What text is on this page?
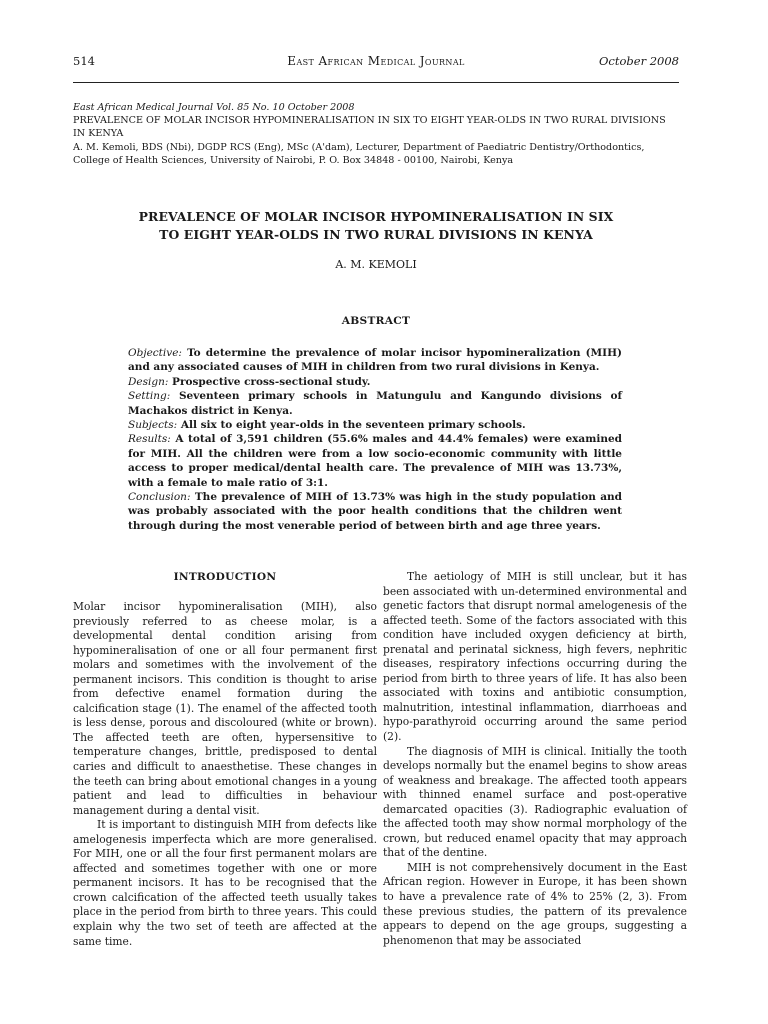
514	East African Medical Journal	October 2008
East African Medical Journal Vol. 85 No. 10 October 2008
PREVALENCE OF MOLAR INCISOR HYPOMINERALISATION IN SIX TO EIGHT YEAR-OLDS IN TWO RURAL DIVISIONS IN KENYA
A. M. Kemoli, BDS (Nbi), DGDP RCS (Eng), MSc (A'dam), Lecturer, Department of Paediatric Dentistry/Orthodontics, College of Health Sciences, University of Nairobi, P. O. Box 34848 - 00100, Nairobi, Kenya
PREVALENCE OF MOLAR INCISOR HYPOMINERALISATION IN SIX
TO EIGHT YEAR-OLDS IN TWO RURAL DIVISIONS IN KENYA
A. M. KEMOLI
ABSTRACT

Objective: To determine the prevalence of molar incisor hypomineralization (MIH) and any associated causes of MIH in children from two rural divisions in Kenya.

Design: Prospective cross-sectional study.

Setting: Seventeen primary schools in Matungulu and Kangundo divisions of Machakos district in Kenya.

Subjects: All six to eight year-olds in the seventeen primary schools.

Results: A total of 3,591 children (55.6% males and 44.4% females) were examined for MIH. All the children were from a low socio-economic community with little access to proper medical/dental health care. The prevalence of MIH was 13.73%, with a female to male ratio of 3:1.

Conclusion: The prevalence of MIH of 13.73% was high in the study population and was probably associated with the poor health conditions that the children went through during the most venerable period of between birth and age three years.

INTRODUCTION

Molar incisor hypomineralisation (MIH), also previously referred to as cheese molar, is a developmental dental condition arising from hypomineralisation of one or all four permanent first molars and sometimes with the involvement of the permanent incisors. This condition is thought to arise from defective enamel formation during the calcification stage (1). The enamel of the affected tooth is less dense, porous and discoloured (white or brown). The affected teeth are often, hypersensitive to temperature changes, brittle, predisposed to dental caries and difficult to anaesthetise. These changes in the teeth can bring about emotional changes in a young patient and lead to difficulties in behaviour management during a dental visit.

It is important to distinguish MIH from defects like amelogenesis imperfecta which are more generalised. For MIH, one or all the four first permanent molars are affected and sometimes together with one or more permanent incisors. It has to be recognised that the crown calcification of the affected teeth usually takes place in the period from birth to three years. This could explain why the two set of teeth are affected at the same time.

The aetiology of MIH is still unclear, but it has been associated with un-determined environmental and genetic factors that disrupt normal amelogenesis of the affected teeth. Some of the factors associated with this condition have included oxygen deficiency at birth, prenatal and perinatal sickness, high fevers, nephritic diseases, respiratory infections occurring during the period from birth to three years of life. It has also been associated with toxins and antibiotic consumption, malnutrition, intestinal inflammation, diarrhoeas and hypo-parathyroid occurring around the same period (2).

The diagnosis of MIH is clinical. Initially the tooth develops normally but the enamel begins to show areas of weakness and breakage. The affected tooth appears with thinned enamel surface and post-operative demarcated opacities (3). Radiographic evaluation of the affected tooth may show normal morphology of the crown, but reduced enamel opacity that may approach that of the dentine.

MIH is not comprehensively document in the East African region. However in Europe, it has been shown to have a prevalence rate of 4% to 25% (2, 3). From these previous studies, the pattern of its prevalence appears to depend on the age groups, suggesting a phenomenon that may be associated
